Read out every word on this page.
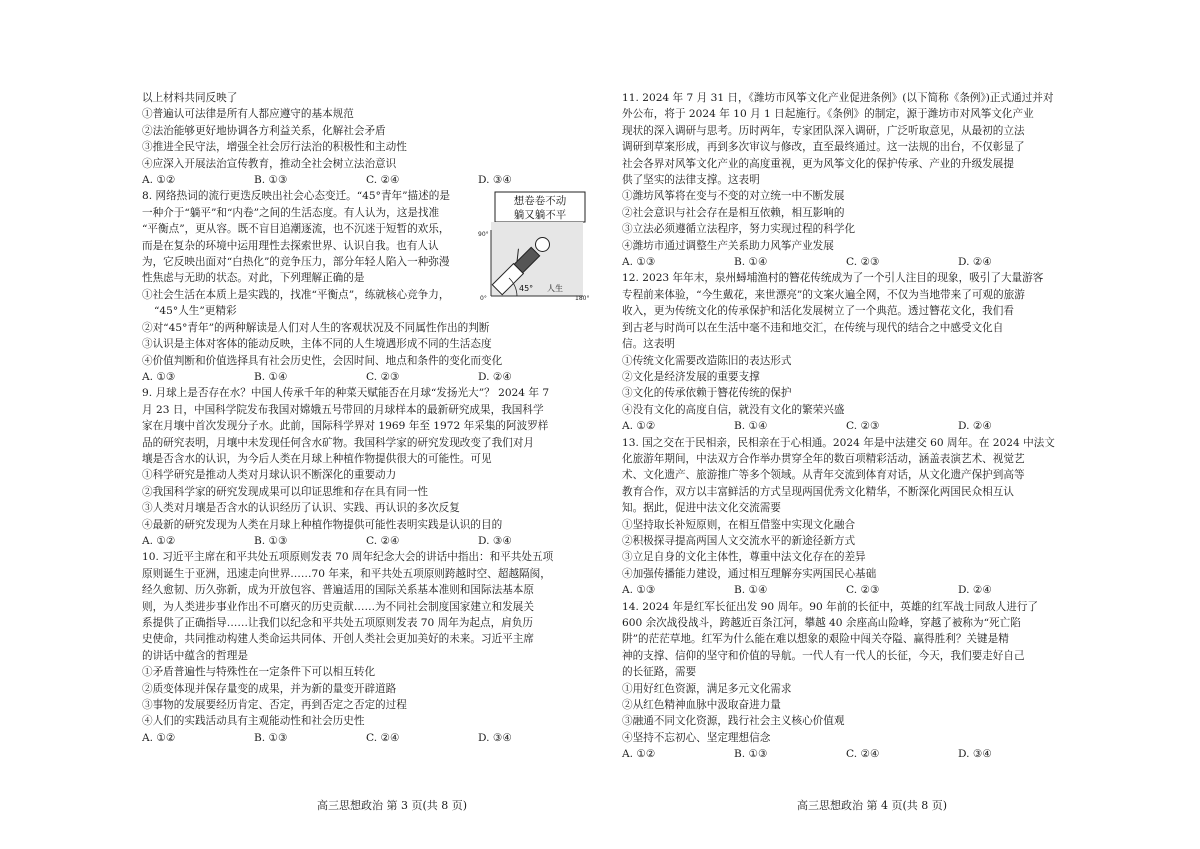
以上材料共同反映了
①普遍认可法律是所有人都应遵守的基本规范
②法治能够更好地协调各方利益关系，化解社会矛盾
③推进全民守法，增强全社会厉行法治的积极性和主动性
④应深入开展法治宣传教育，推动全社会树立法治意识
A. ①②	B. ①③	C. ②④	D. ③④
8. 网络热词的流行更迭反映出社会心态变迁。“45°青年”描述的是
一种介于“躺平”和“内卷”之间的生活态度。有人认为，这是找准
“平衡点”，更从容。既不盲目追潮逐流，也不沉迷于短暂的欢乐，
而是在复杂的环境中运用理性去探索世界、认识自我。也有人认
为，它反映出面对“白热化”的竞争压力，部分年轻人陷入一种弥漫
性焦虑与无助的状态。对此，下列理解正确的是
①社会生活在本质上是实践的，找准“平衡点”，练就核心竞争力，
“45°人生”更精彩
②对“45°青年”的两种解读是人们对人生的客观状况及不同属性作出的判断
③认识是主体对客体的能动反映，主体不同的人生境遇形成不同的生活态度
④价值判断和价值选择具有社会历史性，会因时间、地点和条件的变化而变化
A. ①③	B. ①④	C. ②③	D. ②④
9. 月球上是否存在水？中国人传承千年的种菜天赋能否在月球“发扬光大”？ 2024 年 7
月 23 日，中国科学院发布我国对嫦娥五号带回的月球样本的最新研究成果，我国科学
家在月壤中首次发现分子水。此前，国际科学界对 1969 年至 1972 年采集的阿波罗样
品的研究表明，月壤中未发现任何含水矿物。我国科学家的研究发现改变了我们对月
壤是否含水的认识，为今后人类在月球上种植作物提供很大的可能性。可见
①科学研究是推动人类对月球认识不断深化的重要动力
②我国科学家的研究发现成果可以印证思维和存在具有同一性
③人类对月壤是否含水的认识经历了认识、实践、再认识的多次反复
④最新的研究发现为人类在月球上种植作物提供可能性表明实践是认识的目的
A. ①②	B. ①③	C. ②④	D. ③④
10. 习近平主席在和平共处五项原则发表 70 周年纪念大会的讲话中指出：和平共处五项
原则诞生于亚洲，迅速走向世界……70 年来，和平共处五项原则跨越时空、超越隔阂，
经久愈韧、历久弥新，成为开放包容、普遍适用的国际关系基本准则和国际法基本原
则，为人类进步事业作出不可磨灭的历史贡献……为不同社会制度国家建立和发展关
系提供了正确指导……让我们以纪念和平共处五项原则发表 70 周年为起点，肩负历
史使命，共同推动构建人类命运共同体、开创人类社会更加美好的未来。习近平主席
的讲话中蕴含的哲理是
①矛盾普遍性与特殊性在一定条件下可以相互转化
②质变体现并保存量变的成果，并为新的量变开辟道路
③事物的发展要经历肯定、否定，再到否定之否定的过程
④人们的实践活动具有主观能动性和社会历史性
A. ①②	B. ①③	C. ②④	D. ③④
高三思想政治 第 3 页(共 8 页)
想卷卷不动
躺又躺不平
90°
180°
0°
45° 人生
11. 2024 年 7 月 31 日，《潍坊市风筝文化产业促进条例》(以下简称《条例》)正式通过并对
外公布，将于 2024 年 10 月 1 日起施行。《条例》的制定，源于潍坊市对风筝文化产业
现状的深入调研与思考。历时两年，专家团队深入调研，广泛听取意见，从最初的立法
调研到草案形成，再到多次审议与修改，直至最终通过。这一法规的出台，不仅彰显了
社会各界对风筝文化产业的高度重视，更为风筝文化的保护传承、产业的升级发展提
供了坚实的法律支撑。这表明
①潍坊风筝将在变与不变的对立统一中不断发展
②社会意识与社会存在是相互依赖，相互影响的
③立法必须遵循立法程序，努力实现过程的科学化
④潍坊市通过调整生产关系助力风筝产业发展
A. ①③	B. ①④	C. ②③	D. ②④
12. 2023 年年末，泉州蟳埔渔村的簪花传统成为了一个引人注目的现象，吸引了大量游客
专程前来体验，“今生戴花，来世漂亮”的文案火遍全网，不仅为当地带来了可观的旅游
收入，更为传统文化的传承保护和活化发展树立了一个典范。透过簪花文化，我们看
到古老与时尚可以在生活中毫不违和地交汇，在传统与现代的结合之中感受文化自
信。这表明
①传统文化需要改造陈旧的表达形式
②文化是经济发展的重要支撑
③文化的传承依赖于簪花传统的保护
④没有文化的高度自信，就没有文化的繁荣兴盛
A. ①②	B. ①④	C. ②③	D. ②④
13. 国之交在于民相亲，民相亲在于心相通。2024 年是中法建交 60 周年。在 2024 中法文
化旅游年期间，中法双方合作举办贯穿全年的数百项精彩活动，涵盖表演艺术、视觉艺
术、文化遗产、旅游推广等多个领域。从青年交流到体育对话，从文化遗产保护到高等
教育合作，双方以丰富鲜活的方式呈现两国优秀文化精华，不断深化两国民众相互认
知。据此，促进中法文化交流需要
①坚持取长补短原则，在相互借鉴中实现文化融合
②积极探寻提高两国人文交流水平的新途径新方式
③立足自身的文化主体性，尊重中法文化存在的差异
④加强传播能力建设，通过相互理解夯实两国民心基础
A. ①③	B. ①④	C. ②③	D. ②④
14. 2024 年是红军长征出发 90 周年。90 年前的长征中，英雄的红军战士同敌人进行了
600 余次战役战斗，跨越近百条江河，攀越 40 余座高山险峰，穿越了被称为“死亡陷
阱”的茫茫草地。红军为什么能在难以想象的艰险中闯关夺隘、赢得胜利？关键是精
神的支撑、信仰的坚守和价值的导航。一代人有一代人的长征，今天，我们要走好自己
的长征路，需要
①用好红色资源，满足多元文化需求
②从红色精神血脉中汲取奋进力量
③融通不同文化资源，践行社会主义核心价值观
④坚持不忘初心、坚定理想信念
A. ①②	B. ①③	C. ②④	D. ③④
高三思想政治 第 4 页(共 8 页)
